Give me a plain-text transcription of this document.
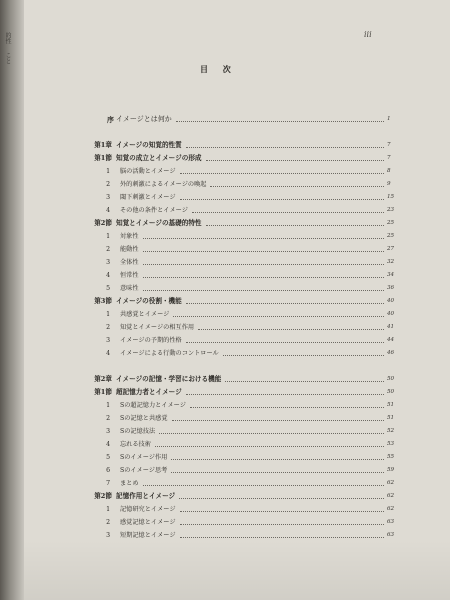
的性
こと
iii
目 次
序 イメージとは何か	1
第1章 イメージの知覚的性質	7
第1節 知覚の成立とイメージの形成	7
1 脳の活動とイメージ	8
2 外的刺激によるイメージの喚起	9
3 閾下刺激とイメージ	15
4 その他の条件とイメージ	23
第2節 知覚とイメージの基礎的特性	25
1 対象性	25
2 能動性	27
3 全体性	32
4 恒常性	34
5 意味性	36
第3節 イメージの役割・機能	40
1 共感覚とイメージ	40
2 知覚とイメージの相互作用	41
3 イメージの予期的性格	44
4 イメージによる行動のコントロール	46
第2章 イメージの記憶・学習における機能	50
第1節 超記憶力者とイメージ	50
1 Sの超記憶力とイメージ	51
2 Sの記憶と共感覚	51
3 Sの記憶技法	52
4 忘れる技術	53
5 Sのイメージ作用	55
6 Sのイメージ思考	59
7 まとめ	62
第2節 記憶作用とイメージ	62
1 記憶研究とイメージ	62
2 感覚記憶とイメージ	63
3 短期記憶とイメージ	63
